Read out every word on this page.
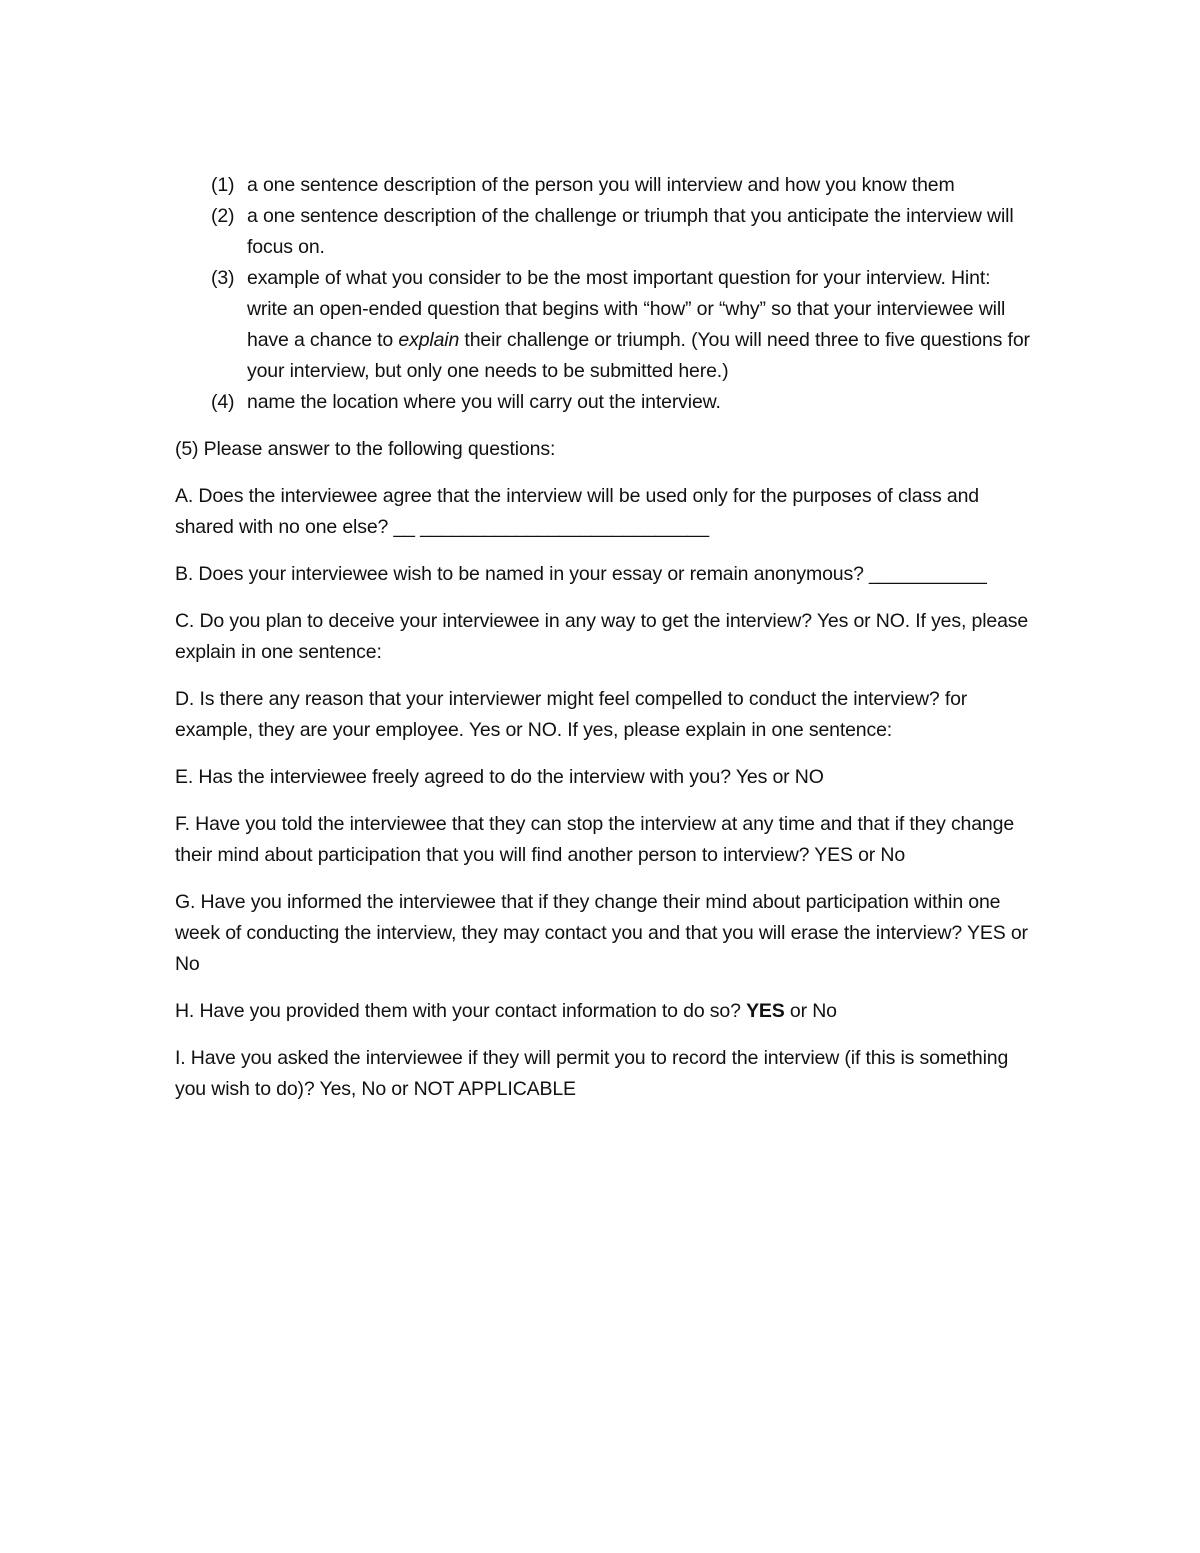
(1) a one sentence description of the person you will interview and how you know them
(2) a one sentence description of the challenge or triumph that you anticipate the interview will focus on.
(3) example of what you consider to be the most important question for your interview. Hint: write an open-ended question that begins with “how” or “why” so that your interviewee will have a chance to explain their challenge or triumph. (You will need three to five questions for your interview, but only one needs to be submitted here.)
(4) name the location where you will carry out the interview.

(5) Please answer to the following questions:

A. Does the interviewee agree that the interview will be used only for the purposes of class and shared with no one else? __ ___________________________

B. Does your interviewee wish to be named in your essay or remain anonymous? ___________

C. Do you plan to deceive your interviewee in any way to get the interview? Yes or NO. If yes, please explain in one sentence:

D. Is there any reason that your interviewer might feel compelled to conduct the interview? for example, they are your employee. Yes or NO. If yes, please explain in one sentence:

E. Has the interviewee freely agreed to do the interview with you? Yes or NO

F. Have you told the interviewee that they can stop the interview at any time and that if they change their mind about participation that you will find another person to interview? YES or No

G. Have you informed the interviewee that if they change their mind about participation within one week of conducting the interview, they may contact you and that you will erase the interview? YES or No

H. Have you provided them with your contact information to do so? YES or No

I. Have you asked the interviewee if they will permit you to record the interview (if this is something you wish to do)? Yes, No or NOT APPLICABLE
